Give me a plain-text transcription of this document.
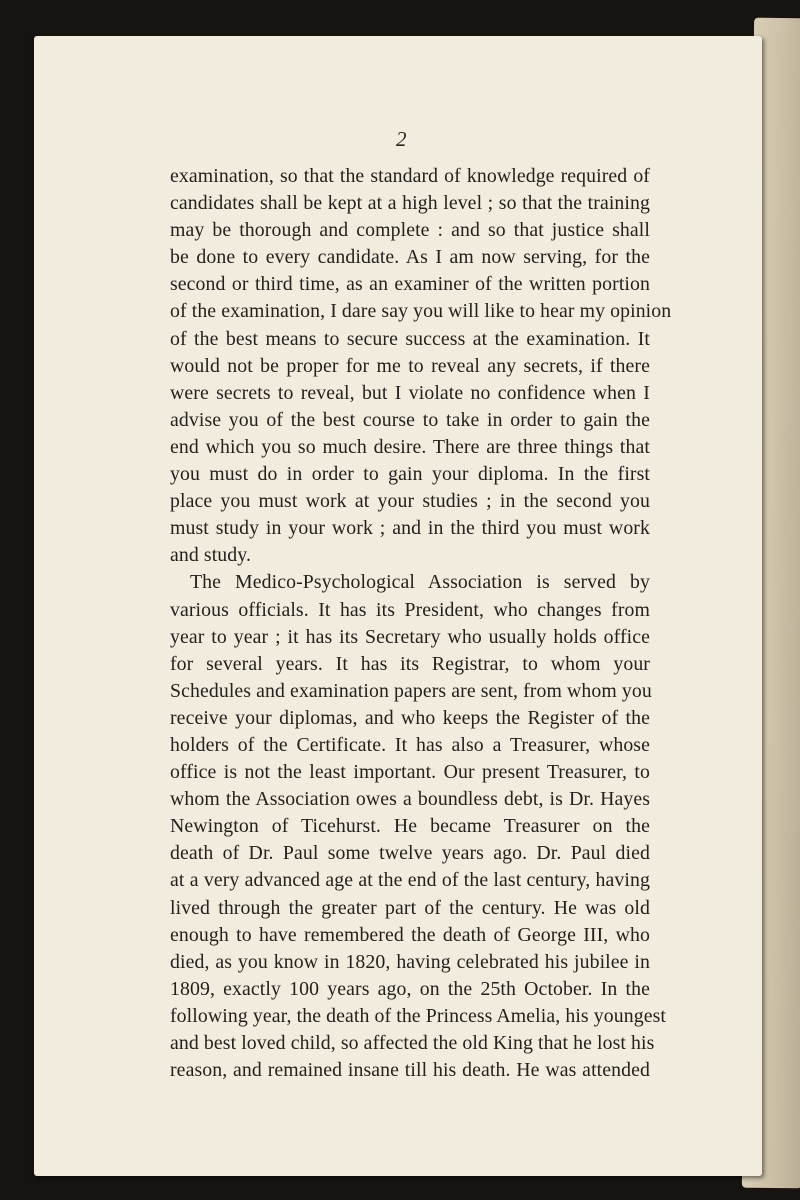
2
examination, so that the standard of knowledge required of
candidates shall be kept at a high level ; so that the training
may be thorough and complete : and so that justice shall
be done to every candidate. As I am now serving, for the
second or third time, as an examiner of the written portion
of the examination, I dare say you will like to hear my opinion
of the best means to secure success at the examination. It
would not be proper for me to reveal any secrets, if there
were secrets to reveal, but I violate no confidence when I
advise you of the best course to take in order to gain the
end which you so much desire. There are three things that
you must do in order to gain your diploma. In the first
place you must work at your studies ; in the second you
must study in your work ; and in the third you must work
and study.
The Medico-Psychological Association is served by
various officials. It has its President, who changes from
year to year ; it has its Secretary who usually holds office
for several years. It has its Registrar, to whom your
Schedules and examination papers are sent, from whom you
receive your diplomas, and who keeps the Register of the
holders of the Certificate. It has also a Treasurer, whose
office is not the least important. Our present Treasurer, to
whom the Association owes a boundless debt, is Dr. Hayes
Newington of Ticehurst. He became Treasurer on the
death of Dr. Paul some twelve years ago. Dr. Paul died
at a very advanced age at the end of the last century, having
lived through the greater part of the century. He was old
enough to have remembered the death of George III, who
died, as you know in 1820, having celebrated his jubilee in
1809, exactly 100 years ago, on the 25th October. In the
following year, the death of the Princess Amelia, his youngest
and best loved child, so affected the old King that he lost his
reason, and remained insane till his death. He was attended
